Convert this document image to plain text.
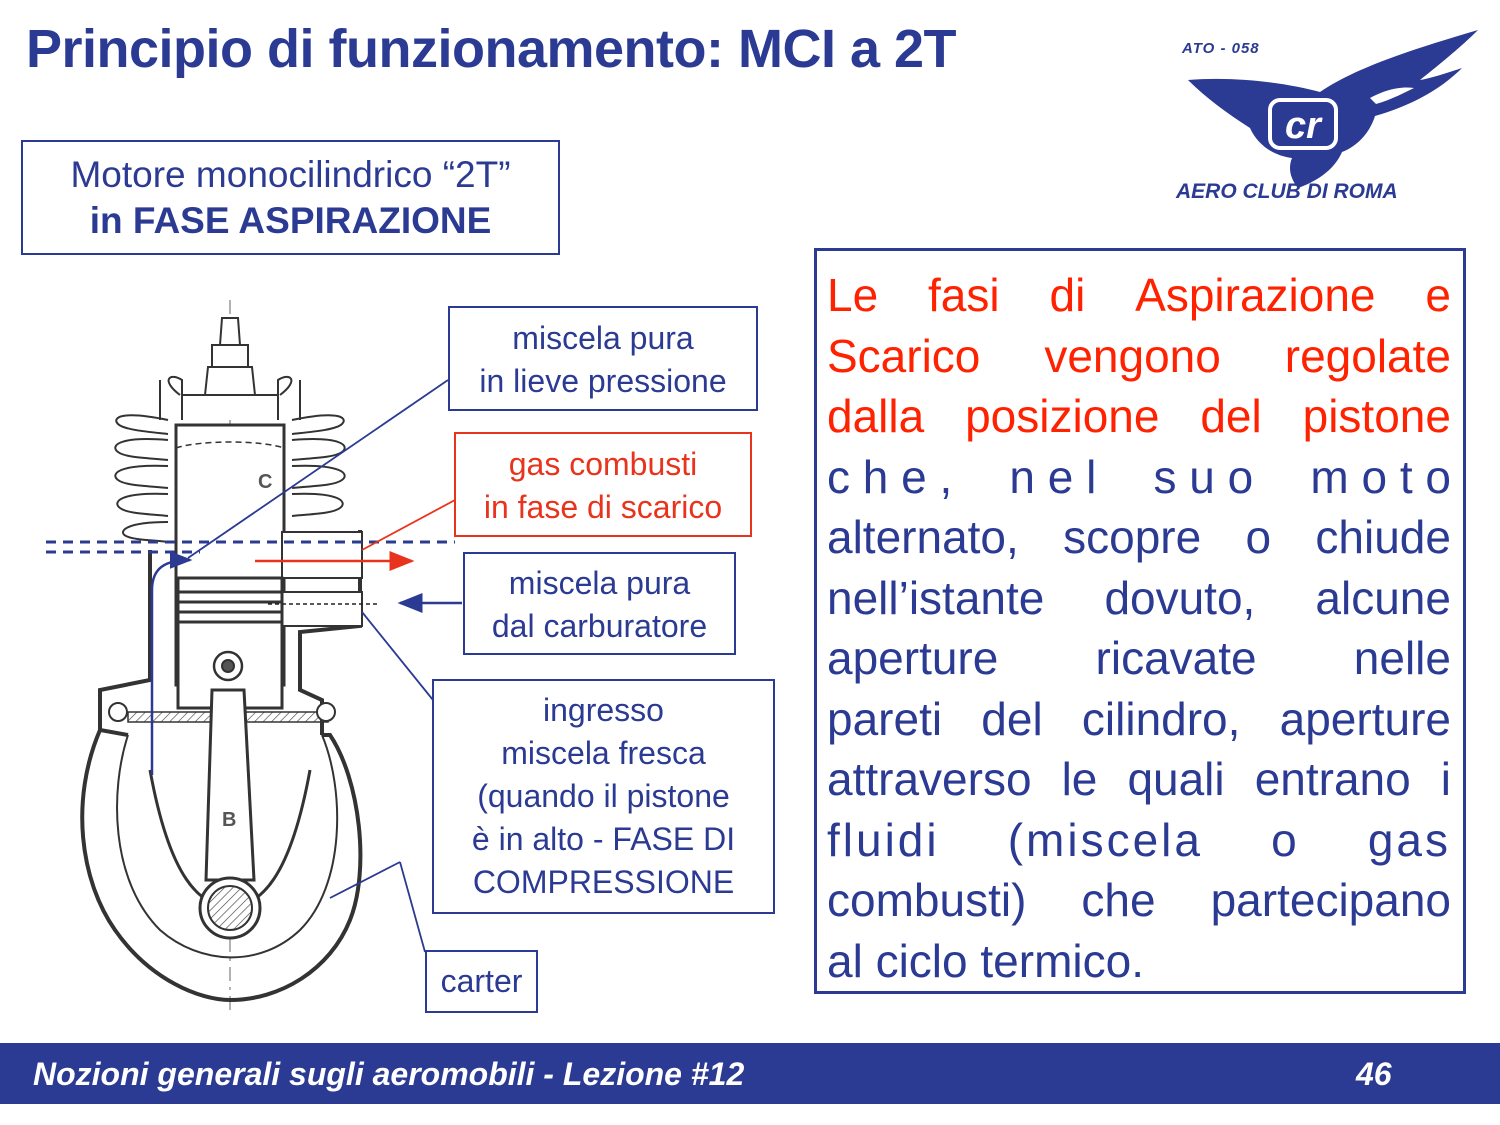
Principio di funzionamento: MCI a 2T
cr
ATO - 058
AERO CLUB DI ROMA
Motore monocilindrico “2T”
in FASE ASPIRAZIONE
C
B
miscela pura
in lieve pressione
gas combusti
in fase di scarico
miscela pura
dal carburatore
ingresso
miscela fresca
(quando il pistone
è in alto - FASE DI
COMPRESSIONE
carter
Le fasi di Aspirazione e
Scarico vengono regolate
dalla posizione del pistone
c h e , n e l s u o m o t o
alternato, scopre o chiude
nell’istante dovuto, alcune
aperture ricavate nelle
pareti del cilindro, aperture
attraverso le quali entrano i
fluidi (miscela o gas
combusti) che partecipano
al ciclo termico.
Nozioni generali sugli aeromobili - Lezione #12	46
